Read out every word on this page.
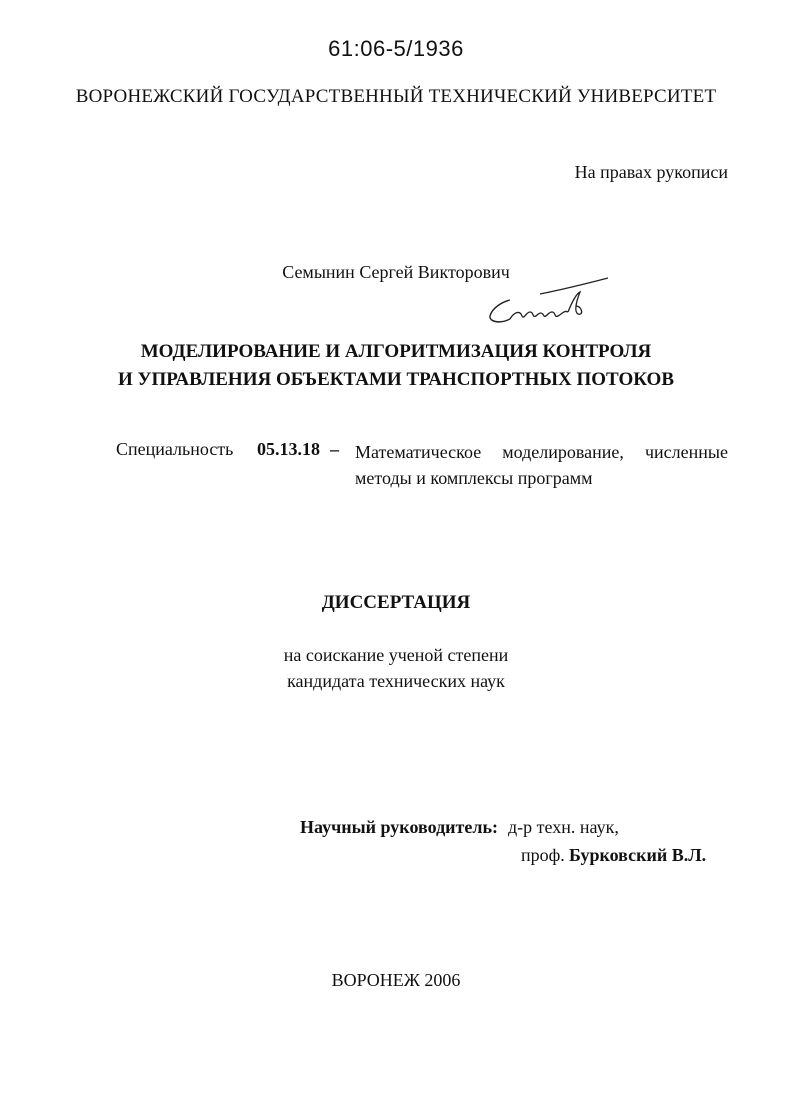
61:06-5/1936
ВОРОНЕЖСКИЙ ГОСУДАРСТВЕННЫЙ ТЕХНИЧЕСКИЙ УНИВЕРСИТЕТ
На правах рукописи
Семынин Сергей Викторович
МОДЕЛИРОВАНИЕ И АЛГОРИТМИЗАЦИЯ КОНТРОЛЯ
И УПРАВЛЕНИЯ ОБЪЕКТАМИ ТРАНСПОРТНЫХ ПОТОКОВ
Специальность 05.13.18 – Математическое моделирование, численные методы и комплексы программ
ДИССЕРТАЦИЯ
на соискание ученой степени
кандидата технических наук
Научный руководитель: д-р техн. наук,
проф. Бурковский В.Л.
ВОРОНЕЖ 2006
